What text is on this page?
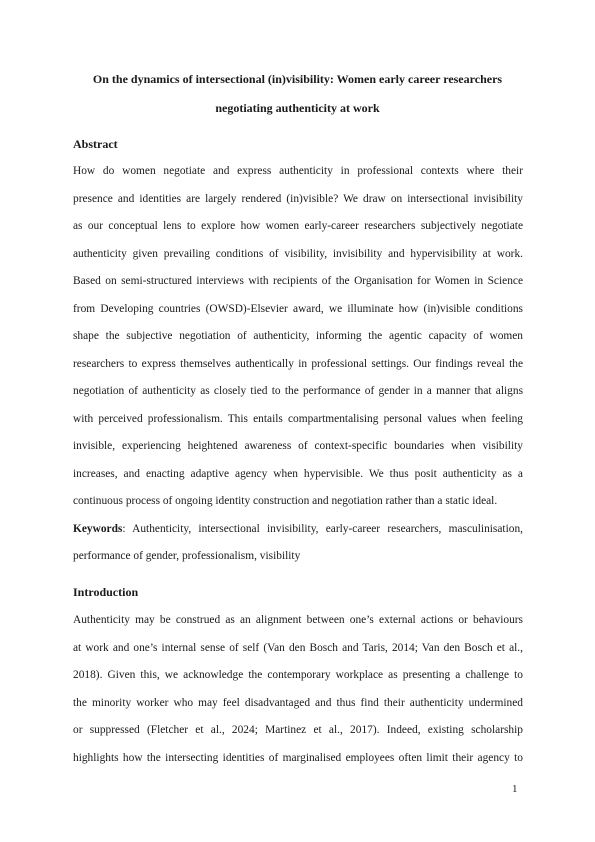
On the dynamics of intersectional (in)visibility: Women early career researchers
negotiating authenticity at work
Abstract
How do women negotiate and express authenticity in professional contexts where their
presence and identities are largely rendered (in)visible? We draw on intersectional invisibility
as our conceptual lens to explore how women early-career researchers subjectively negotiate
authenticity given prevailing conditions of visibility, invisibility and hypervisibility at work.
Based on semi-structured interviews with recipients of the Organisation for Women in Science
from Developing countries (OWSD)-Elsevier award, we illuminate how (in)visible conditions
shape the subjective negotiation of authenticity, informing the agentic capacity of women
researchers to express themselves authentically in professional settings. Our findings reveal the
negotiation of authenticity as closely tied to the performance of gender in a manner that aligns
with perceived professionalism. This entails compartmentalising personal values when feeling
invisible, experiencing heightened awareness of context-specific boundaries when visibility
increases, and enacting adaptive agency when hypervisible. We thus posit authenticity as a
continuous process of ongoing identity construction and negotiation rather than a static ideal.
Keywords: Authenticity, intersectional invisibility, early-career researchers, masculinisation,
performance of gender, professionalism, visibility
Introduction
Authenticity may be construed as an alignment between one’s external actions or behaviours
at work and one’s internal sense of self (Van den Bosch and Taris, 2014; Van den Bosch et al.,
2018). Given this, we acknowledge the contemporary workplace as presenting a challenge to
the minority worker who may feel disadvantaged and thus find their authenticity undermined
or suppressed (Fletcher et al., 2024; Martinez et al., 2017). Indeed, existing scholarship
highlights how the intersecting identities of marginalised employees often limit their agency to
1
